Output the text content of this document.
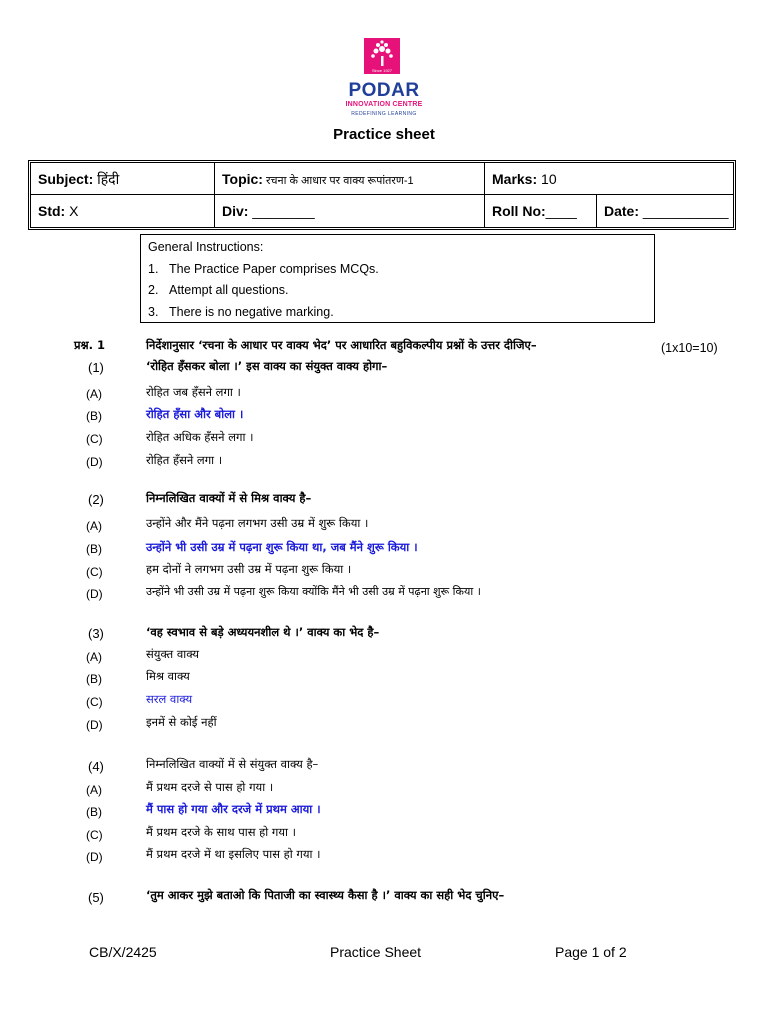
Since 1927
PODAR
INNOVATION CENTRE
REDEFINING LEARNING
Practice sheet
Subject: हिंदी	Topic: रचना के आधार पर वाक्य रूपांतरण-1	Marks: 10
Std: X	Div: ________	Roll No:____	Date: ___________
General Instructions:
1. The Practice Paper comprises MCQs.
2. Attempt all questions.
3. There is no negative marking.
प्रश्न. 1	निर्देशानुसार ‘रचना के आधार पर वाक्य भेद’ पर आधारित बहुविकल्पीय प्रश्नों के उत्तर दीजिए–	(1x10=10)
(1)	‘रोहित हँसकर बोला ।’ इस वाक्य का संयुक्त वाक्य होगा–
(A)	रोहित जब हँसने लगा ।
(B)	रोहित हँसा और बोला ।
(C)	रोहित अधिक हँसने लगा ।
(D)	रोहित हँसने लगा ।
(2)	निम्नलिखित वाक्यों में से मिश्र वाक्य है–
(A)	उन्होंने और मैंने पढ़ना लगभग उसी उम्र में शुरू किया ।
(B)	उन्होंने भी उसी उम्र में पढ़ना शुरू किया था, जब मैंने शुरू किया ।
(C)	हम दोनों ने लगभग उसी उम्र में पढ़ना शुरू किया ।
(D)	उन्होंने भी उसी उम्र में पढ़ना शुरू किया क्योंकि मैंने भी उसी उम्र में पढ़ना शुरू किया ।
(3)	‘वह स्वभाव से बड़े अध्ययनशील थे ।’ वाक्य का भेद है–
(A)	संयुक्त वाक्य
(B)	मिश्र वाक्य
(C)	सरल वाक्य
(D)	इनमें से कोई नहीं
(4)	निम्नलिखित वाक्यों में से संयुक्त वाक्य है–
(A)	मैं प्रथम दरजे से पास हो गया ।
(B)	मैं पास हो गया और दरजे में प्रथम आया ।
(C)	मैं प्रथम दरजे के साथ पास हो गया ।
(D)	मैं प्रथम दरजे में था इसलिए पास हो गया ।
(5)	‘तुम आकर मुझे बताओ कि पिताजी का स्वास्थ्य कैसा है ।’ वाक्य का सही भेद चुनिए–
CB/X/2425	Practice Sheet	Page 1 of 2
